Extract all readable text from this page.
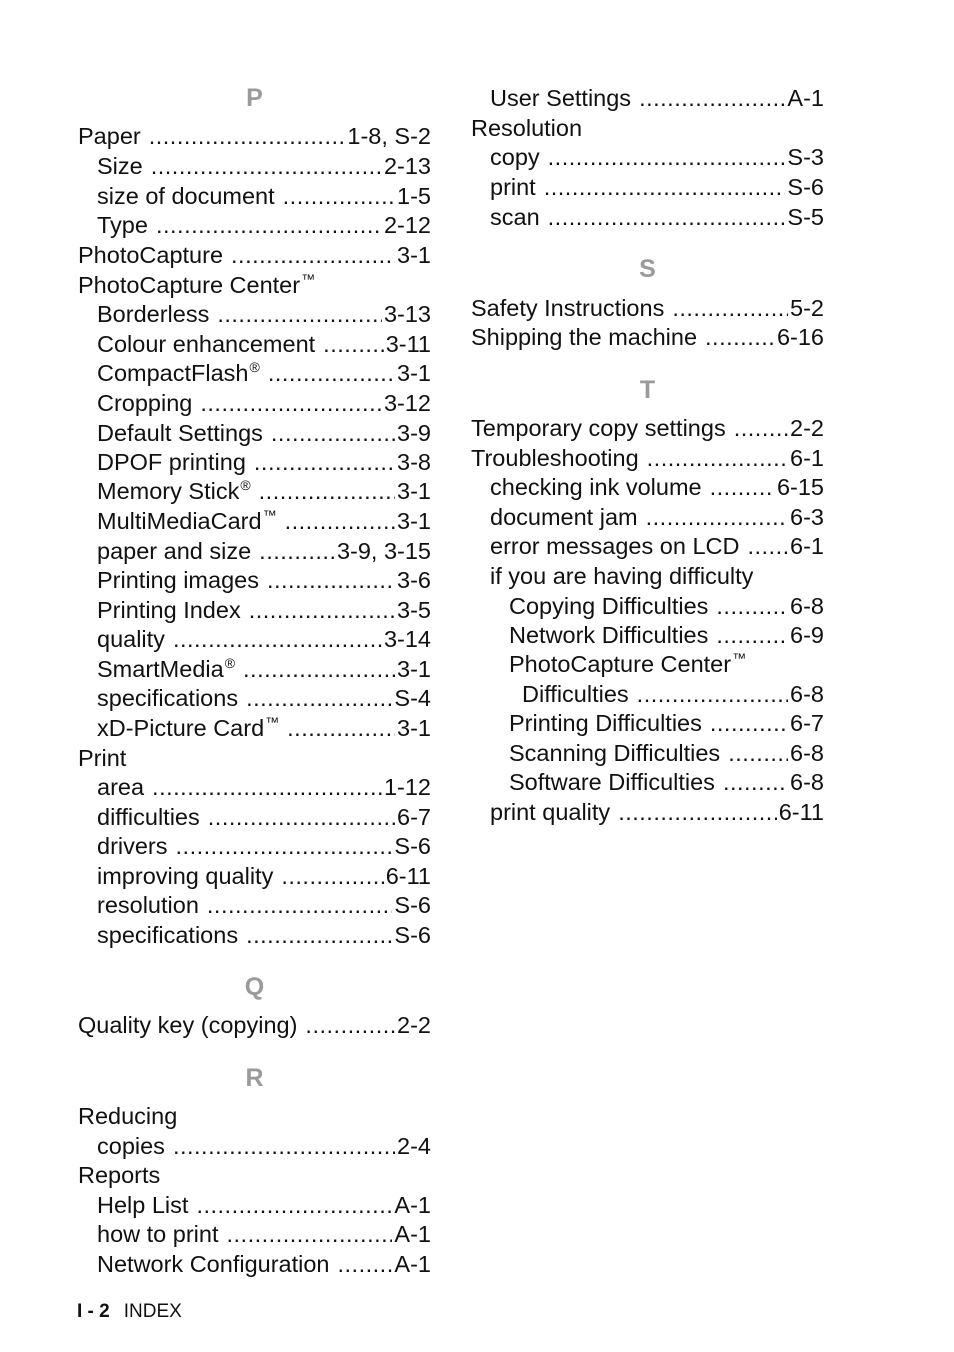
P
Paper .....	1-8, S-2
Size .....	2-13
size of document .....	1-5
Type .....	2-12
PhotoCapture .....	3-1
PhotoCapture Center™
Borderless .....	3-13
Colour enhancement .....	3-11
CompactFlash® .....	3-1
Cropping .....	3-12
Default Settings .....	3-9
DPOF printing .....	3-8
Memory Stick® .....	3-1
MultiMediaCard™ .....	3-1
paper and size .....	3-9, 3-15
Printing images .....	3-6
Printing Index .....	3-5
quality .....	3-14
SmartMedia® .....	3-1
specifications .....	S-4
xD-Picture Card™ .....	3-1
Print
area .....	1-12
difficulties .....	6-7
drivers .....	S-6
improving quality .....	6-11
resolution .....	S-6
specifications .....	S-6
Q
Quality key (copying) .....	2-2
R
Reducing
copies .....	2-4
Reports
Help List .....	A-1
how to print .....	A-1
Network Configuration .....	A-1
User Settings .....	A-1
Resolution
copy .....	S-3
print .....	S-6
scan .....	S-5
S
Safety Instructions .....	5-2
Shipping the machine .....	6-16
T
Temporary copy settings .....	2-2
Troubleshooting .....	6-1
checking ink volume .....	6-15
document jam .....	6-3
error messages on LCD ..... 6-1
if you are having difficulty
Copying Difficulties .....	6-8
Network Difficulties .....	6-9
PhotoCapture Center™
Difficulties .....	6-8
Printing Difficulties .....	6-7
Scanning Difficulties .....	6-8
Software Difficulties .....	6-8
print quality .....	6-11
I - 2 INDEX
